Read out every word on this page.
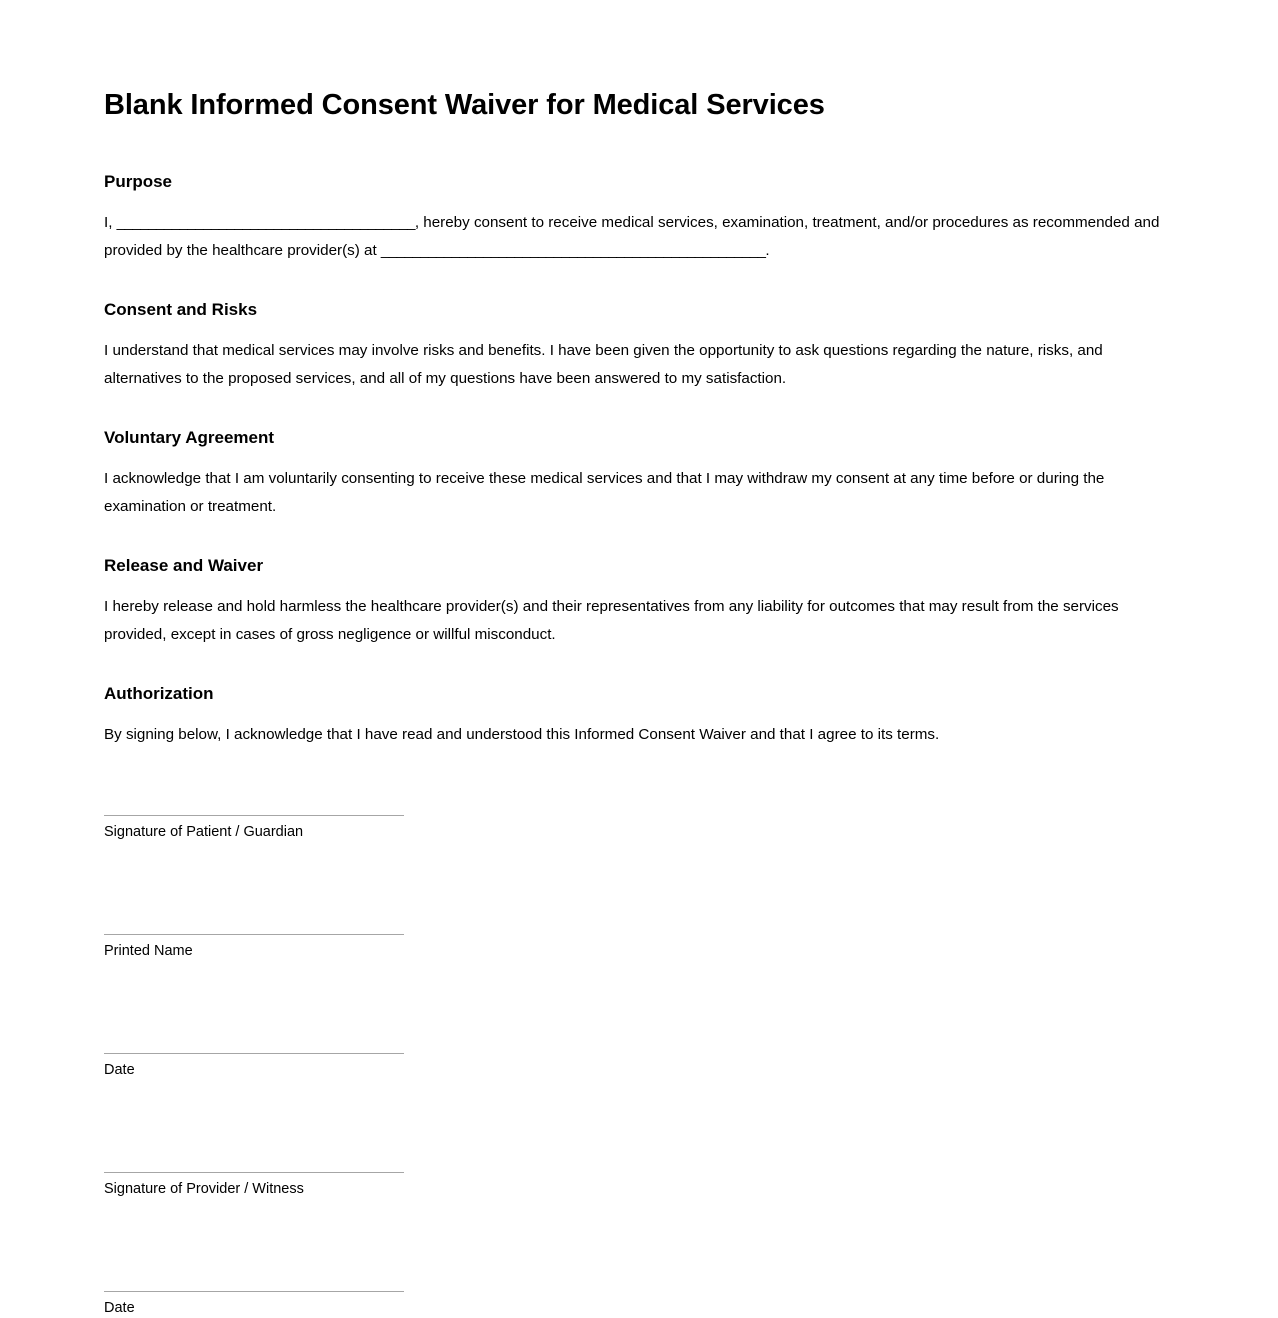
Blank Informed Consent Waiver for Medical Services
Purpose

I, ______________________________________, hereby consent to receive medical services, examination, treatment, and/or procedures as recommended and provided by the healthcare provider(s) at _________________________________________________.

Consent and Risks

I understand that medical services may involve risks and benefits. I have been given the opportunity to ask questions regarding the nature, risks, and alternatives to the proposed services, and all of my questions have been answered to my satisfaction.

Voluntary Agreement

I acknowledge that I am voluntarily consenting to receive these medical services and that I may withdraw my consent at any time before or during the examination or treatment.

Release and Waiver

I hereby release and hold harmless the healthcare provider(s) and their representatives from any liability for outcomes that may result from the services provided, except in cases of gross negligence or willful misconduct.

Authorization

By signing below, I acknowledge that I have read and understood this Informed Consent Waiver and that I agree to its terms.

Signature of Patient / Guardian
Printed Name
Date
Signature of Provider / Witness
Date
